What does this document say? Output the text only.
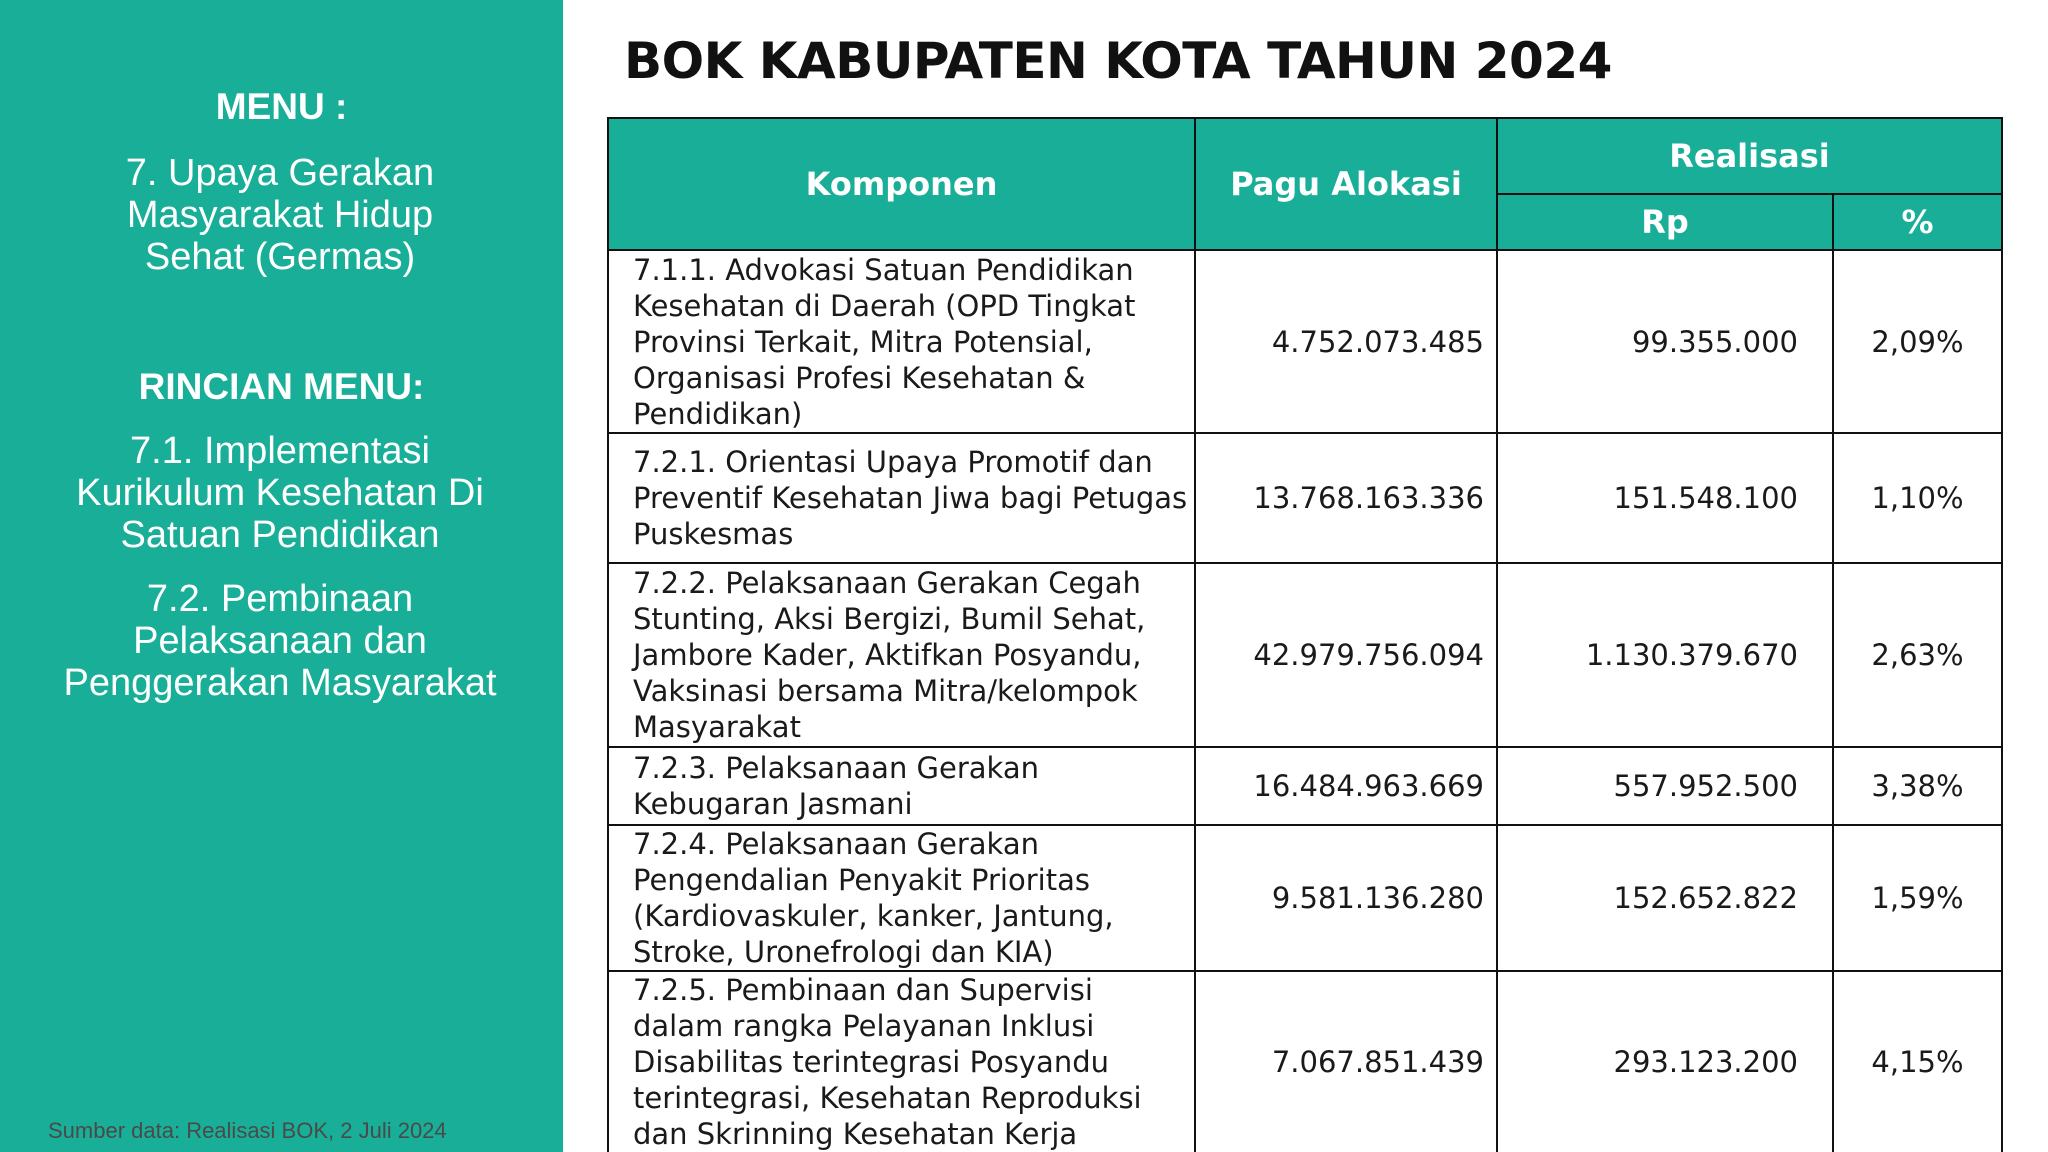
MENU :
7. Upaya Gerakan
Masyarakat Hidup
Sehat (Germas)
RINCIAN MENU:
7.1. Implementasi
Kurikulum Kesehatan Di
Satuan Pendidikan
7.2. Pembinaan
Pelaksanaan dan
Penggerakan Masyarakat
Sumber data: Realisasi BOK, 2 Juli 2024
BOK KABUPATEN KOTA TAHUN 2024
Komponen	Pagu Alokasi	Realisasi	
		Rp	%
7.1.1. Advokasi Satuan Pendidikan Kesehatan di Daerah (OPD Tingkat Provinsi Terkait, Mitra Potensial, Organisasi Profesi Kesehatan & Pendidikan)	4.752.073.485	99.355.000	2,09%
7.2.1. Orientasi Upaya Promotif dan Preventif Kesehatan Jiwa bagi Petugas Puskesmas	13.768.163.336	151.548.100	1,10%
7.2.2. Pelaksanaan Gerakan Cegah Stunting, Aksi Bergizi, Bumil Sehat, Jambore Kader, Aktifkan Posyandu, Vaksinasi bersama Mitra/kelompok Masyarakat	42.979.756.094	1.130.379.670	2,63%
7.2.3. Pelaksanaan Gerakan Kebugaran Jasmani	16.484.963.669	557.952.500	3,38%
7.2.4. Pelaksanaan Gerakan Pengendalian Penyakit Prioritas (Kardiovaskuler, kanker, Jantung, Stroke, Uronefrologi dan KIA)	9.581.136.280	152.652.822	1,59%
7.2.5. Pembinaan dan Supervisi dalam rangka Pelayanan Inklusi Disabilitas terintegrasi Posyandu terintegrasi, Kesehatan Reproduksi dan Skrinning Kesehatan Kerja	7.067.851.439	293.123.200	4,15%
